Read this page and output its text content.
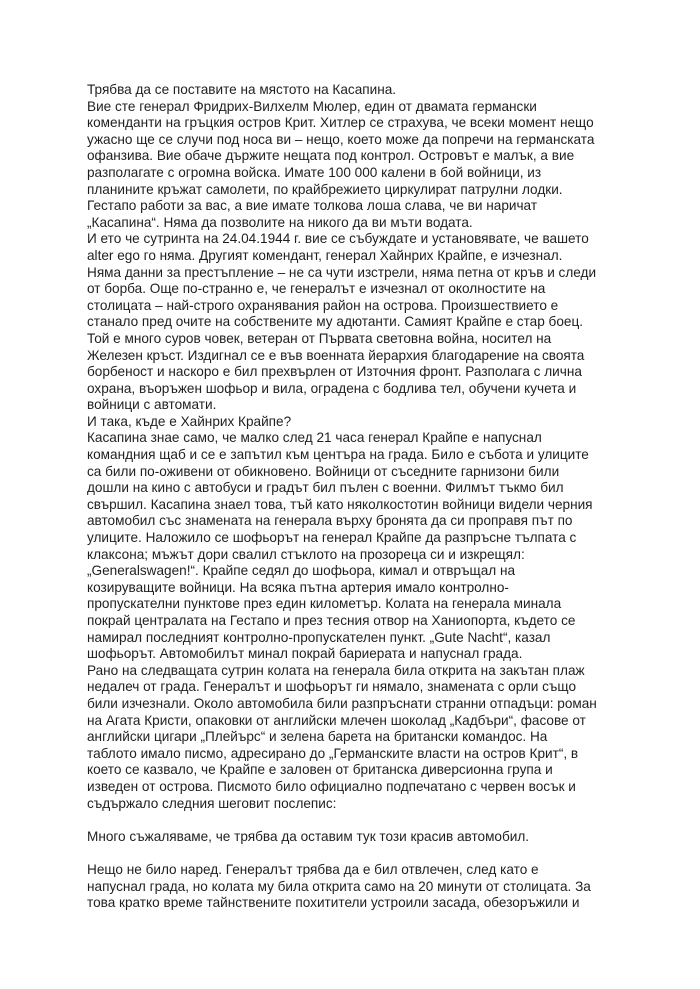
Трябва да се поставите на мястото на Касапина.
Вие сте генерал Фридрих-Вилхелм Мюлер, един от двамата германски
коменданти на гръцкия остров Крит. Хитлер се страхува, че всеки момент нещо
ужасно ще се случи под носа ви – нещо, което може да попречи на германската
офанзива. Вие обаче държите нещата под контрол. Островът е малък, а вие
разполагате с огромна войска. Имате 100 000 калени в бой войници, из
планините кръжат самолети, по крайбрежието циркулират патрулни лодки.
Гестапо работи за вас, а вие имате толкова лоша слава, че ви наричат
„Касапина“. Няма да позволите на никого да ви мъти водата.
И ето че сутринта на 24.04.1944 г. вие се събуждате и установявате, че вашето
alter ego го няма. Другият комендант, генерал Хайнрих Крайпе, е изчезнал.
Няма данни за престъпление – не са чути изстрели, няма петна от кръв и следи
от борба. Още по-странно е, че генералът е изчезнал от околностите на
столицата – най-строго охранявания район на острова. Произшествието е
станало пред очите на собствените му адютанти. Самият Крайпе е стар боец.
Той е много суров човек, ветеран от Първата световна война, носител на
Железен кръст. Издигнал се е във военната йерархия благодарение на своята
борбеност и наскоро е бил прехвърлен от Източния фронт. Разполага с лична
охрана, въоръжен шофьор и вила, оградена с бодлива тел, обучени кучета и
войници с автомати.
И така, къде е Хайнрих Крайпе?
Касапина знае само, че малко след 21 часа генерал Крайпе е напуснал
командния щаб и се е запътил към центъра на града. Било е събота и улиците
са били по-оживени от обикновено. Войници от съседните гарнизони били
дошли на кино с автобуси и градът бил пълен с военни. Филмът тъкмо бил
свършил. Касапина знаел това, тъй като няколкостотин войници видели черния
автомобил със знамената на генерала върху бронята да си проправя път по
улиците. Наложило се шофьорът на генерал Крайпе да разпръсне тълпата с
клаксона; мъжът дори свалил стъклото на прозореца си и изкрещял:
„Generalswagen!“. Крайпе седял до шофьора, кимал и отвръщал на
козируващите войници. На всяка пътна артерия имало контролно-
пропускателни пунктове през един километър. Колата на генерала минала
покрай централата на Гестапо и през тесния отвор на Ханиопорта, където се
намирал последният контролно-пропускателен пункт. „Gute Nacht“, казал
шофьорът. Автомобилът минал покрай бариерата и напуснал града.
Рано на следващата сутрин колата на генерала била открита на закътан плаж
недалеч от града. Генералът и шофьорът ги нямало, знамената с орли също
били изчезнали. Около автомобила били разпръснати странни отпадъци: роман
на Агата Кристи, опаковки от английски млечен шоколад „Кадбъри“, фасове от
английски цигари „Плейърс“ и зелена барета на британски командос. На
таблото имало писмо, адресирано до „Германските власти на остров Крит“, в
което се казвало, че Крайпе е заловен от британска диверсионна група и
изведен от острова. Писмото било официално подпечатано с червен восък и
съдържало следния шеговит послепис:
Много съжаляваме, че трябва да оставим тук този красив автомобил.
Нещо не било наред. Генералът трябва да е бил отвлечен, след като е
напуснал града, но колата му била открита само на 20 минути от столицата. За
това кратко време тайнствените похитители устроили засада, обезоръжили и
